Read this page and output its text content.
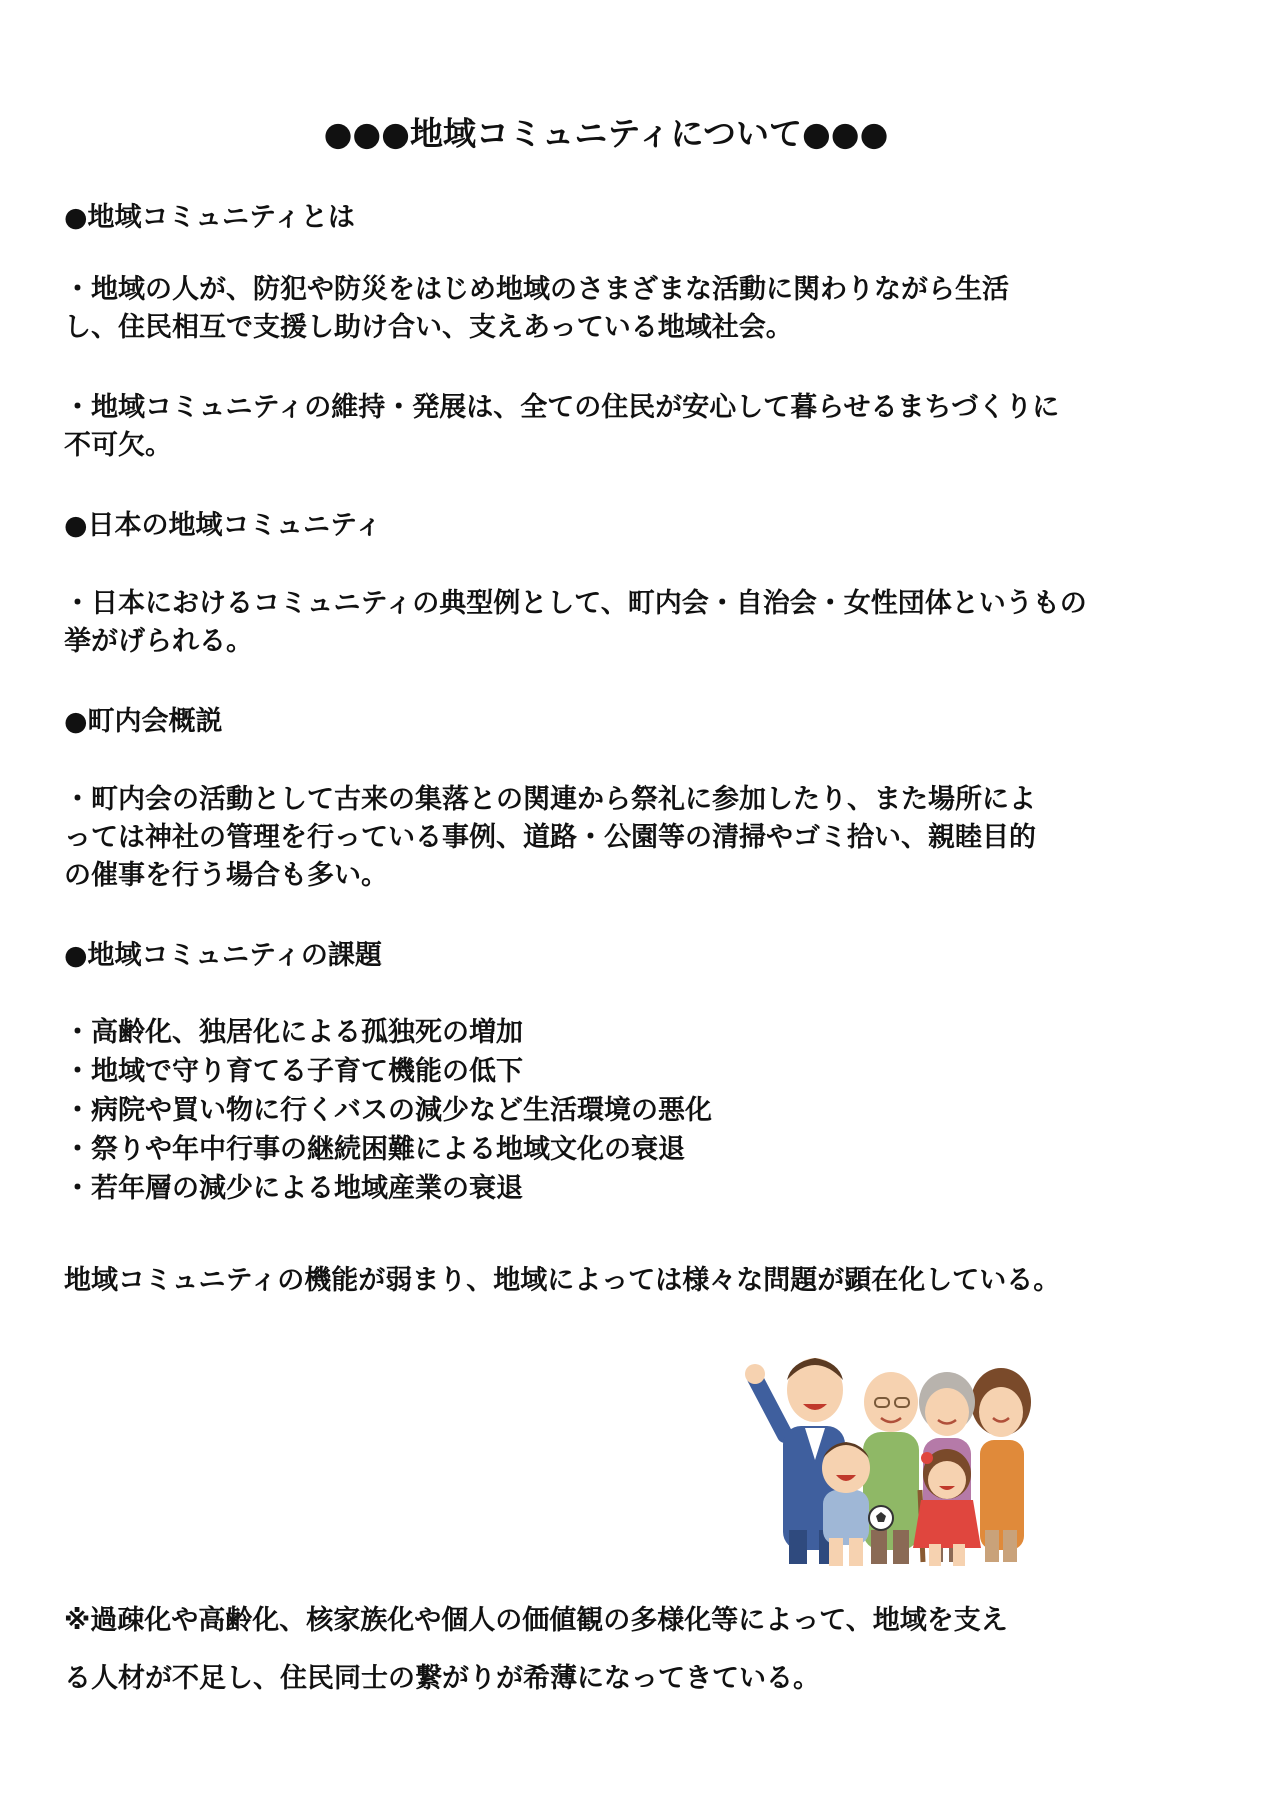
●●●地域コミュニティについて●●●
●地域コミュニティとは
・地域の人が、防犯や防災をはじめ地域のさまざまな活動に関わりながら生活
し、住民相互で支援し助け合い、支えあっている地域社会。
・地域コミュニティの維持・発展は、全ての住民が安心して暮らせるまちづくりに
不可欠。
●日本の地域コミュニティ
・日本におけるコミュニティの典型例として、町内会・自治会・女性団体というもの
挙がげられる。
●町内会概説
・町内会の活動として古来の集落との関連から祭礼に参加したり、また場所によ
っては神社の管理を行っている事例、道路・公園等の清掃やゴミ拾い、親睦目的
の催事を行う場合も多い。
●地域コミュニティの課題
・高齢化、独居化による孤独死の増加
・地域で守り育てる子育て機能の低下
・病院や買い物に行くバスの減少など生活環境の悪化
・祭りや年中行事の継続困難による地域文化の衰退
・若年層の減少による地域産業の衰退
地域コミュニティの機能が弱まり、地域によっては様々な問題が顕在化している。
※過疎化や高齢化、核家族化や個人の価値観の多様化等によって、地域を支え
る人材が不足し、住民同士の繋がりが希薄になってきている。
